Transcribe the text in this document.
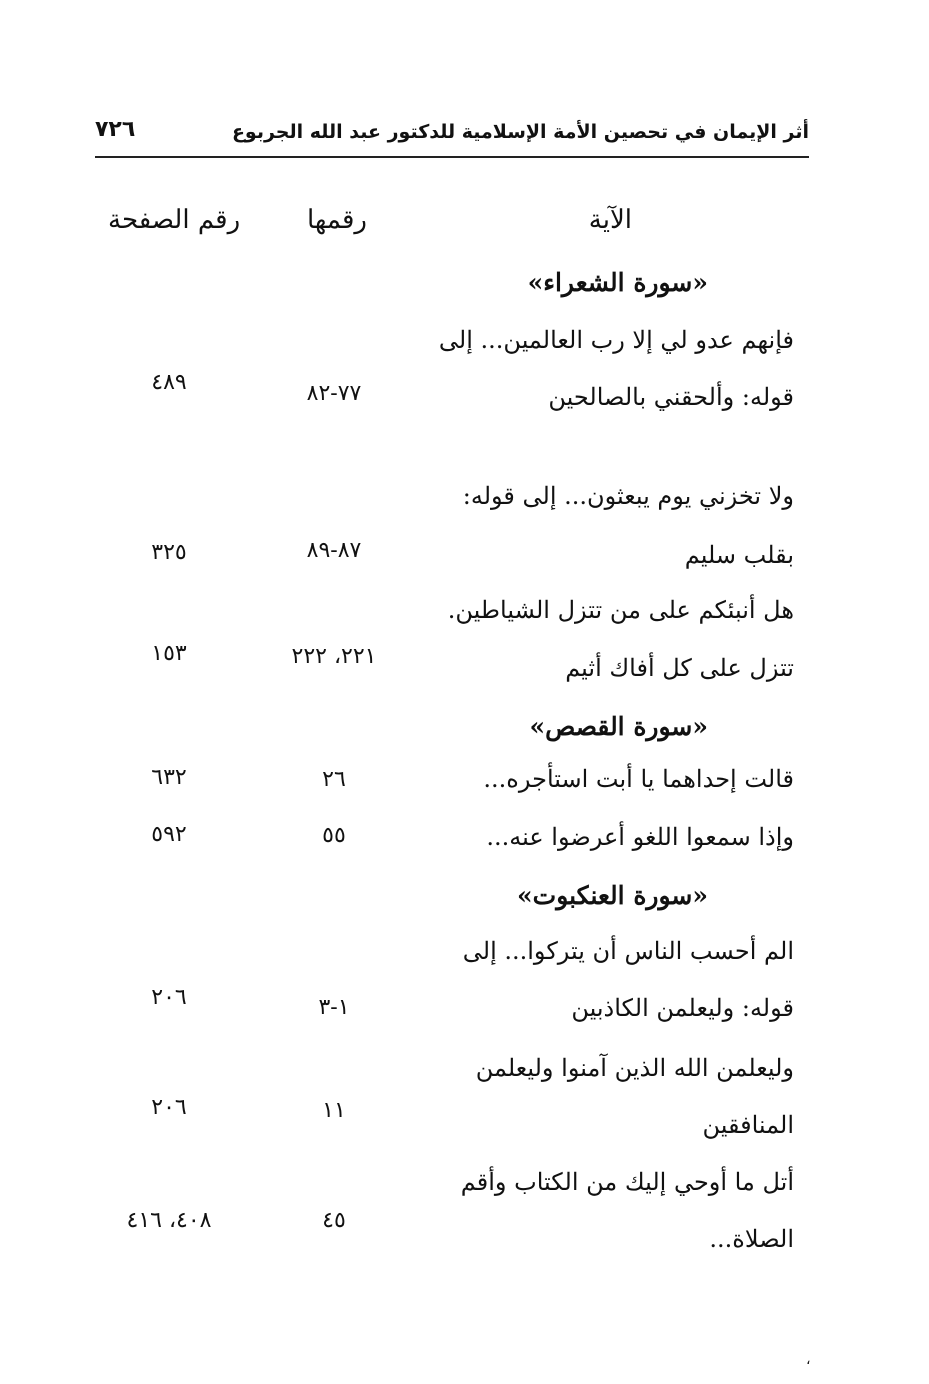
أثر الإيمان في تحصين الأمة الإسلامية للدكتور عبد الله الجربوع
٧٢٦
الآية
رقمها
رقم الصفحة
«سورة الشعراء»
فإنهم عدو لي إلا رب العالمين... إلى
قوله: وألحقني بالصالحين
٧٧-٨٢
٤٨٩
ولا تخزني يوم يبعثون... إلى قوله:
بقلب سليم
٨٧-٨٩
٣٢٥
هل أنبئكم على من تتزل الشياطين.
تتزل على كل أفاك أثيم
٢٢١، ٢٢٢
١٥٣
«سورة القصص»
قالت إحداهما يا أبت استأجره...
٢٦
٦٣٢
وإذا سمعوا اللغو أعرضوا عنه...
٥٥
٥٩٢
«سورة العنكبوت»
الم أحسب الناس أن يتركوا... إلى
قوله: وليعلمن الكاذبين
١-٣
٢٠٦
وليعلمن الله الذين آمنوا وليعلمن
المنافقين
١١
٢٠٦
أتل ما أوحي إليك من الكتاب وأقم
الصلاة...
٤٥
٤٠٨، ٤١٦
،
